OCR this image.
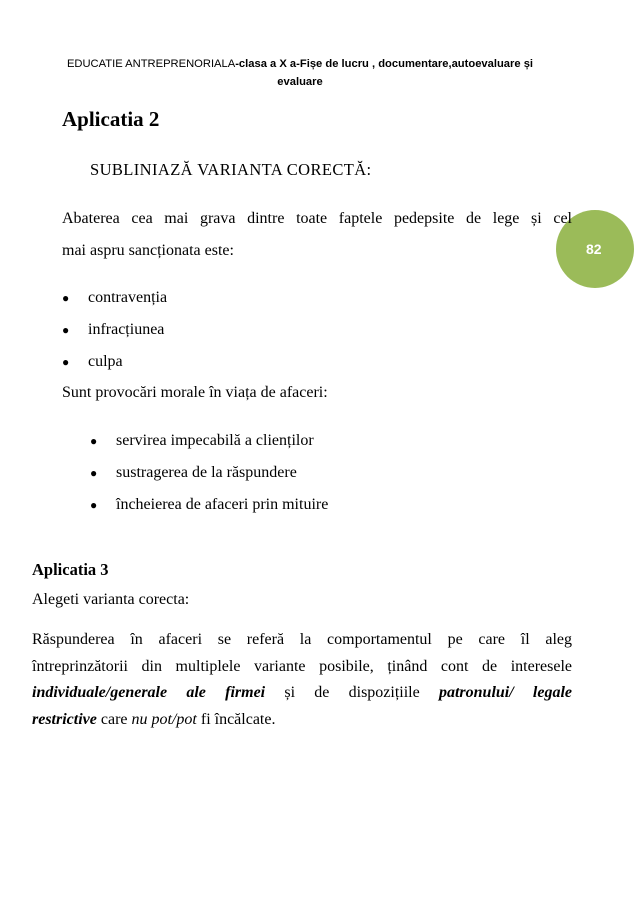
EDUCATIE ANTREPRENORIALA-clasa a X a-Fișe de lucru , documentare,autoevaluare și
evaluare
82
Aplicatia 2
SUBLINIAZĂ VARIANTA CORECTĂ:
Abaterea cea mai grava dintre toate faptele pedepsite de lege și cel
mai aspru sancționata este:
●	contravenția
●	infracțiunea
●	culpa
Sunt provocări morale în viața de afaceri:
●	servirea impecabilă a clienților
●	sustragerea de la răspundere
●	încheierea de afaceri prin mituire
Aplicatia 3
Alegeti varianta corecta:
Răspunderea în afaceri se referă la comportamentul pe care îl aleg
întreprinzătorii din multiplele variante posibile, ținând cont de interesele
individuale/generale ale firmei și de dispozițiile patronului/ legale
restrictive care nu pot/pot fi încălcate.
